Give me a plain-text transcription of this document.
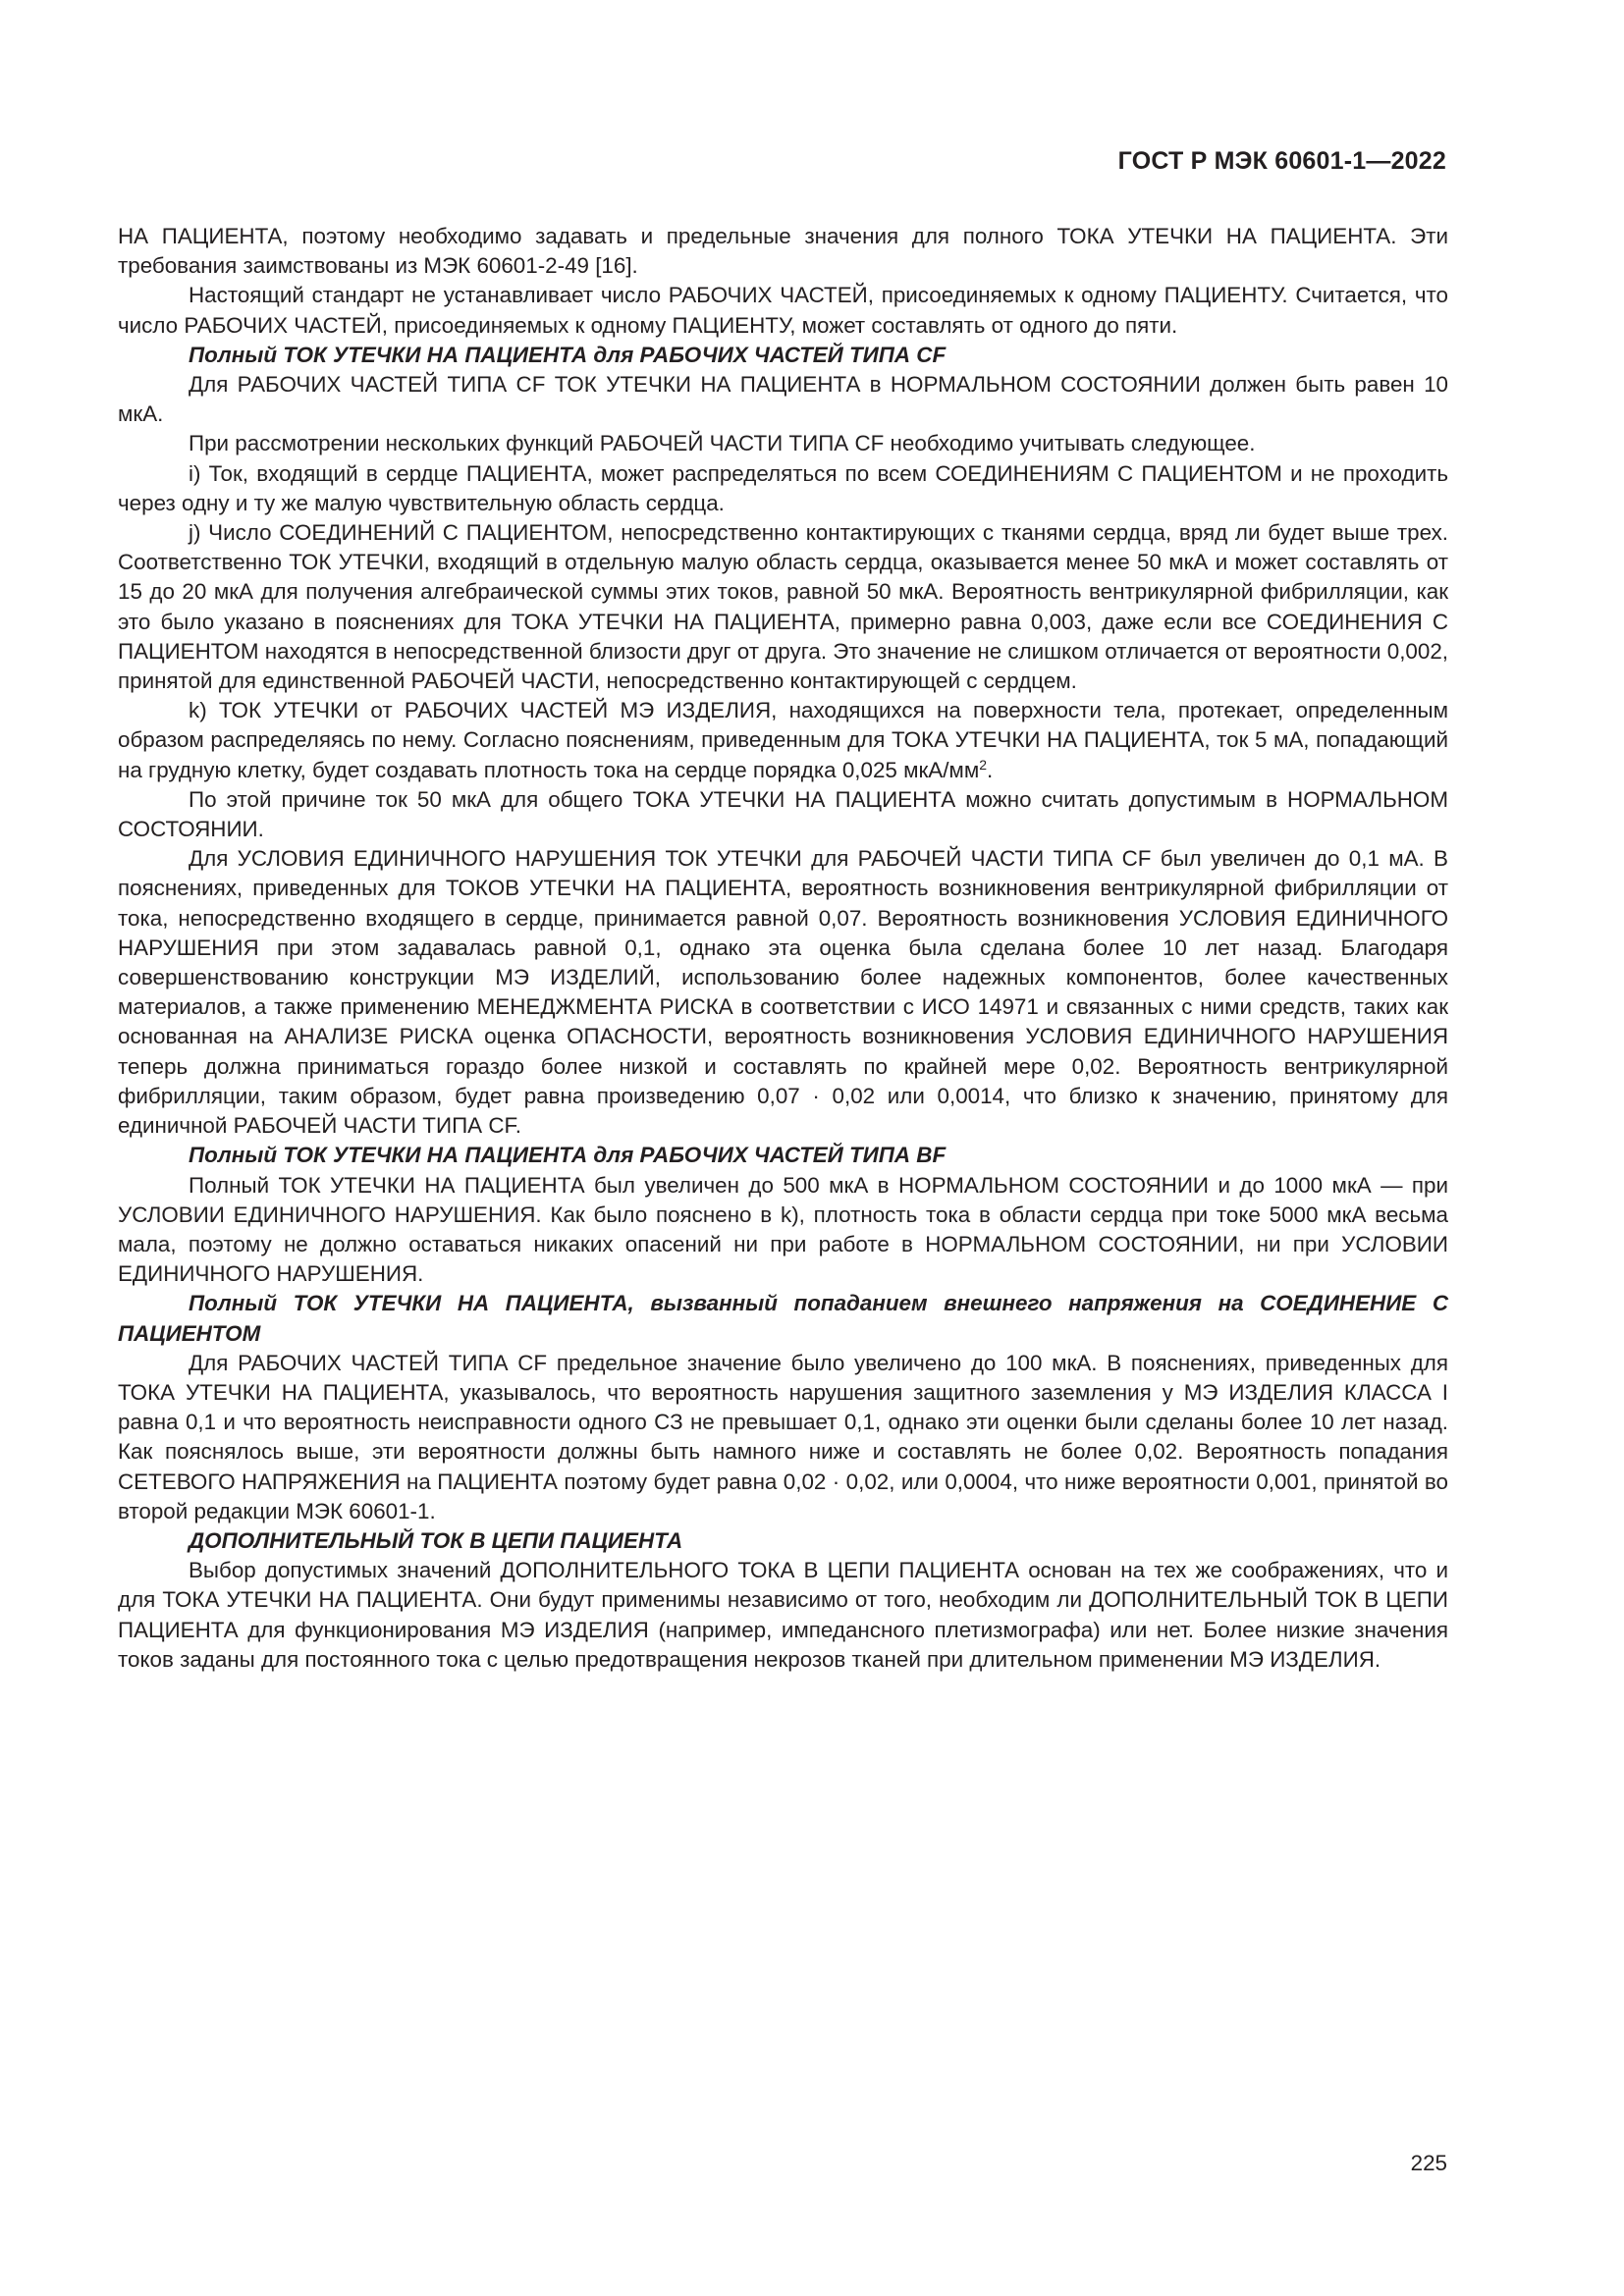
ГОСТ Р МЭК 60601-1—2022

НА ПАЦИЕНТА, поэтому необходимо задавать и предельные значения для полного ТОКА УТЕЧКИ НА ПАЦИЕНТА. Эти требования заимствованы из МЭК 60601-2-49 [16].

Настоящий стандарт не устанавливает число РАБОЧИХ ЧАСТЕЙ, присоединяемых к одному ПАЦИЕНТУ. Считается, что число РАБОЧИХ ЧАСТЕЙ, присоединяемых к одному ПАЦИЕНТУ, может составлять от одного до пяти.

Полный ТОК УТЕЧКИ НА ПАЦИЕНТА для РАБОЧИХ ЧАСТЕЙ ТИПА CF

Для РАБОЧИХ ЧАСТЕЙ ТИПА CF ТОК УТЕЧКИ НА ПАЦИЕНТА в НОРМАЛЬНОМ СОСТОЯНИИ должен быть равен 10 мкА.

При рассмотрении нескольких функций РАБОЧЕЙ ЧАСТИ ТИПА CF необходимо учитывать следующее.

i) Ток, входящий в сердце ПАЦИЕНТА, может распределяться по всем СОЕДИНЕНИЯМ С ПАЦИЕНТОМ и не проходить через одну и ту же малую чувствительную область сердца.

j) Число СОЕДИНЕНИЙ С ПАЦИЕНТОМ, непосредственно контактирующих с тканями сердца, вряд ли будет выше трех. Соответственно ТОК УТЕЧКИ, входящий в отдельную малую область сердца, оказывается менее 50 мкА и может составлять от 15 до 20 мкА для получения алгебраической суммы этих токов, равной 50 мкА. Вероятность вентрикулярной фибрилляции, как это было указано в пояснениях для ТОКА УТЕЧКИ НА ПАЦИЕНТА, примерно равна 0,003, даже если все СОЕДИНЕНИЯ С ПАЦИЕНТОМ находятся в непосредственной близости друг от друга. Это значение не слишком отличается от вероятности 0,002, принятой для единственной РАБОЧЕЙ ЧАСТИ, непосредственно контактирующей с сердцем.

k) ТОК УТЕЧКИ от РАБОЧИХ ЧАСТЕЙ МЭ ИЗДЕЛИЯ, находящихся на поверхности тела, протекает, определенным образом распределяясь по нему. Согласно пояснениям, приведенным для ТОКА УТЕЧКИ НА ПАЦИЕНТА, ток 5 мА, попадающий на грудную клетку, будет создавать плотность тока на сердце порядка 0,025 мкА/$мм^2$.

По этой причине ток 50 мкА для общего ТОКА УТЕЧКИ НА ПАЦИЕНТА можно считать допустимым в НОРМАЛЬНОМ СОСТОЯНИИ.

Для УСЛОВИЯ ЕДИНИЧНОГО НАРУШЕНИЯ ТОК УТЕЧКИ для РАБОЧЕЙ ЧАСТИ ТИПА CF был увеличен до 0,1 мА. В пояснениях, приведенных для ТОКОВ УТЕЧКИ НА ПАЦИЕНТА, вероятность возникновения вентрикулярной фибрилляции от тока, непосредственно входящего в сердце, принимается равной 0,07. Вероятность возникновения УСЛОВИЯ ЕДИНИЧНОГО НАРУШЕНИЯ при этом задавалась равной 0,1, однако эта оценка была сделана более 10 лет назад. Благодаря совершенствованию конструкции МЭ ИЗДЕЛИЙ, использованию более надежных компонентов, более качественных материалов, а также применению МЕНЕДЖМЕНТА РИСКА в соответствии с ИСО 14971 и связанных с ними средств, таких как основанная на АНАЛИЗЕ РИСКА оценка ОПАСНОСТИ, вероятность возникновения УСЛОВИЯ ЕДИНИЧНОГО НАРУШЕНИЯ теперь должна приниматься гораздо более низкой и составлять по крайней мере 0,02. Вероятность вентрикулярной фибрилляции, таким образом, будет равна произведению 0,07 · 0,02 или 0,0014, что близко к значению, принятому для единичной РАБОЧЕЙ ЧАСТИ ТИПА CF.

Полный ТОК УТЕЧКИ НА ПАЦИЕНТА для РАБОЧИХ ЧАСТЕЙ ТИПА BF

Полный ТОК УТЕЧКИ НА ПАЦИЕНТА был увеличен до 500 мкА в НОРМАЛЬНОМ СОСТОЯНИИ и до 1000 мкА — при УСЛОВИИ ЕДИНИЧНОГО НАРУШЕНИЯ. Как было пояснено в k), плотность тока в области сердца при токе 5000 мкА весьма мала, поэтому не должно оставаться никаких опасений ни при работе в НОРМАЛЬНОМ СОСТОЯНИИ, ни при УСЛОВИИ ЕДИНИЧНОГО НАРУШЕНИЯ.

Полный ТОК УТЕЧКИ НА ПАЦИЕНТА, вызванный попаданием внешнего напряжения на СОЕДИНЕНИЕ С ПАЦИЕНТОМ

Для РАБОЧИХ ЧАСТЕЙ ТИПА CF предельное значение было увеличено до 100 мкА. В пояснениях, приведенных для ТОКА УТЕЧКИ НА ПАЦИЕНТА, указывалось, что вероятность нарушения защитного заземления у МЭ ИЗДЕЛИЯ КЛАССА I равна 0,1 и что вероятность неисправности одного СЗ не превышает 0,1, однако эти оценки были сделаны более 10 лет назад. Как пояснялось выше, эти вероятности должны быть намного ниже и составлять не более 0,02. Вероятность попадания СЕТЕВОГО НАПРЯЖЕНИЯ на ПАЦИЕНТА поэтому будет равна 0,02 · 0,02, или 0,0004, что ниже вероятности 0,001, принятой во второй редакции МЭК 60601-1.

ДОПОЛНИТЕЛЬНЫЙ ТОК В ЦЕПИ ПАЦИЕНТА

Выбор допустимых значений ДОПОЛНИТЕЛЬНОГО ТОКА В ЦЕПИ ПАЦИЕНТА основан на тех же соображениях, что и для ТОКА УТЕЧКИ НА ПАЦИЕНТА. Они будут применимы независимо от того, необходим ли ДОПОЛНИТЕЛЬНЫЙ ТОК В ЦЕПИ ПАЦИЕНТА для функционирования МЭ ИЗДЕЛИЯ (например, импедансного плетизмографа) или нет. Более низкие значения токов заданы для постоянного тока с целью предотвращения некрозов тканей при длительном применении МЭ ИЗДЕЛИЯ.

225
